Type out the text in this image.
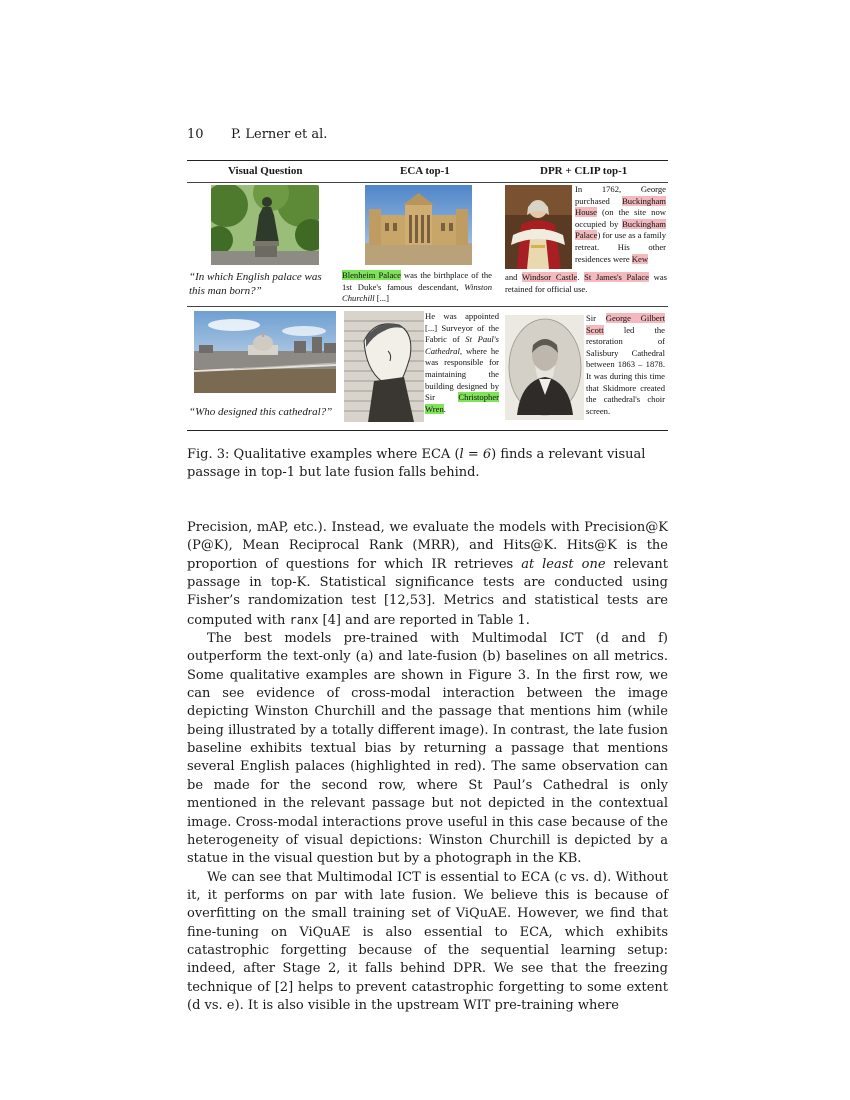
10 P. Lerner et al.
Visual Question	ECA top-1	DPR + CLIP top-1
“In which English palace was this man born?”
Blenheim Palace was the birthplace of the 1st Duke's famous descendant, Winston Churchill [...]
In 1762, George purchased Buckingham House (on the site now occupied by Buckingham Palace) for use as a family retreat. His other residences were Kew
and Windsor Castle. St James's Palace was retained for official use.
“Who designed this cathedral?”
He was appointed [...] Surveyor of the Fabric of St Paul's Cathedral, where he was responsible for maintaining the building designed by Sir Christopher Wren.
Sir George Gilbert Scott led the restoration of Salisbury Cathedral between 1863 – 1878. It was during this time that Skidmore created the cathedral's choir screen.
Fig. 3: Qualitative examples where ECA (l = 6) finds a relevant visual passage in top-1 but late fusion falls behind.

Precision, mAP, etc.). Instead, we evaluate the models with Precision@K (P@K), Mean Reciprocal Rank (MRR), and Hits@K. Hits@K is the proportion of questions for which IR retrieves at least one relevant passage in top-K. Statistical significance tests are conducted using Fisher’s randomization test [12,53]. Metrics and statistical tests are computed with ranx [4] and are reported in Table 1.

The best models pre-trained with Multimodal ICT (d and f) outperform the text-only (a) and late-fusion (b) baselines on all metrics. Some qualitative examples are shown in Figure 3. In the first row, we can see evidence of cross-modal interaction between the image depicting Winston Churchill and the passage that mentions him (while being illustrated by a totally different image). In contrast, the late fusion baseline exhibits textual bias by returning a passage that mentions several English palaces (highlighted in red). The same observation can be made for the second row, where St Paul’s Cathedral is only mentioned in the relevant passage but not depicted in the contextual image. Cross-modal interactions prove useful in this case because of the heterogeneity of visual depictions: Winston Churchill is depicted by a statue in the visual question but by a photograph in the KB.

We can see that Multimodal ICT is essential to ECA (c vs. d). Without it, it performs on par with late fusion. We believe this is because of overfitting on the small training set of ViQuAE. However, we find that fine-tuning on ViQuAE is also essential to ECA, which exhibits catastrophic forgetting because of the sequential learning setup: indeed, after Stage 2, it falls behind DPR. We see that the freezing technique of [2] helps to prevent catastrophic forgetting to some extent (d vs. e). It is also visible in the upstream WIT pre-training where
